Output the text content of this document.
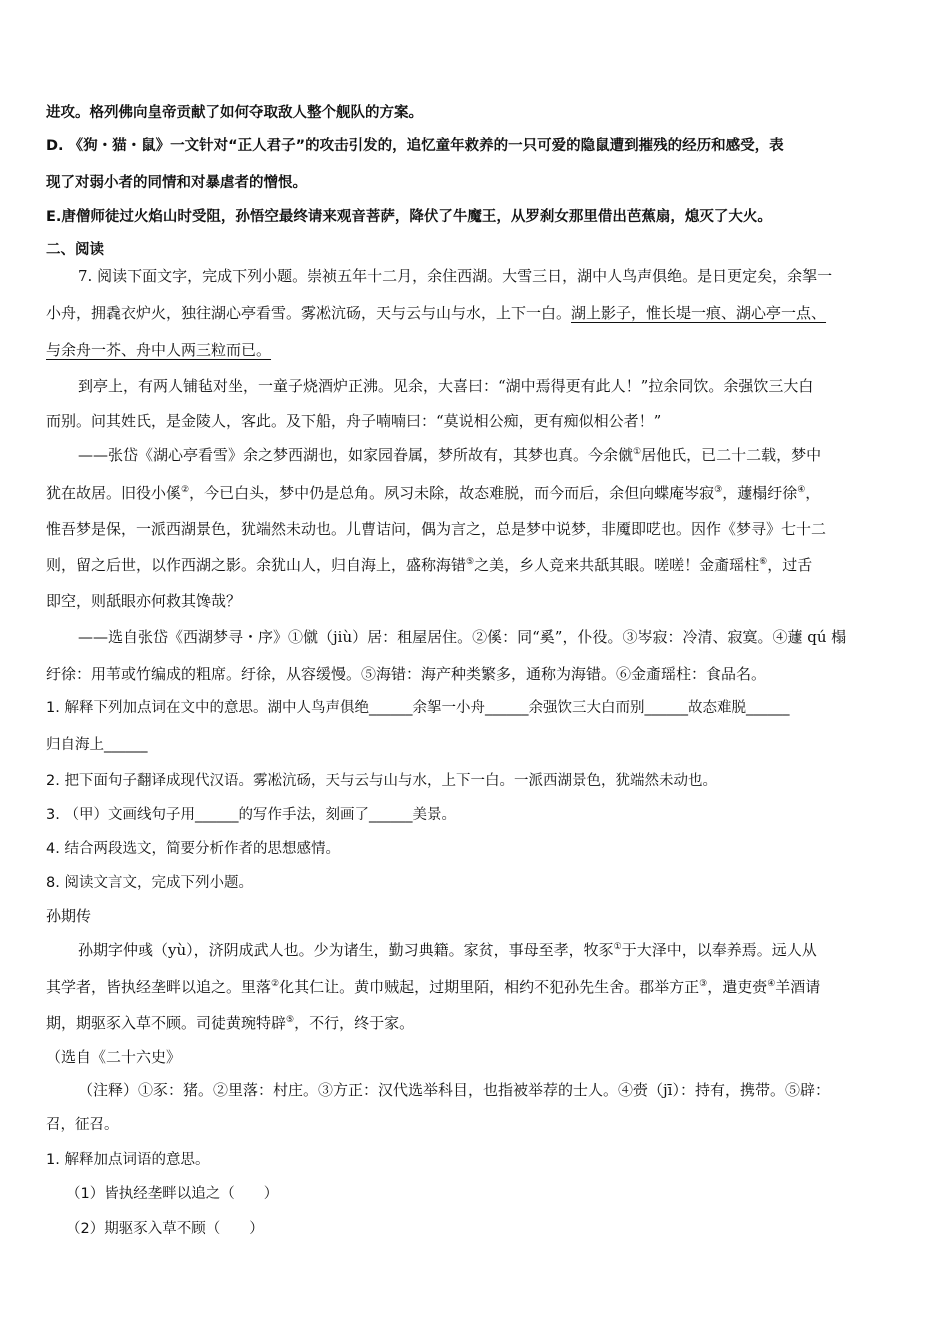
进攻。格列佛向皇帝贡献了如何夺取敌人整个舰队的方案。
D. 《狗・猫・鼠》一文针对“正人君子”的攻击引发的，追忆童年救养的一只可爱的隐鼠遭到摧残的经历和感受，表
现了对弱小者的同情和对暴虐者的憎恨。
E.唐僧师徒过火焰山时受阻，孙悟空最终请来观音菩萨，降伏了牛魔王，从罗刹女那里借出芭蕉扇，熄灭了大火。
二、阅读
7. 阅读下面文字，完成下列小题。崇祯五年十二月，余住西湖。大雪三日，湖中人鸟声俱绝。是日更定矣，余挐一
小舟，拥毳衣炉火，独往湖心亭看雪。雾凇沆砀，天与云与山与水，上下一白。湖上影子，惟长堤一痕、湖心亭一点、
与余舟一芥、舟中人两三粒而已。
到亭上，有两人铺毡对坐，一童子烧酒炉正沸。见余，大喜曰：“湖中焉得更有此人！”拉余同饮。余强饮三大白
而别。问其姓氏，是金陵人，客此。及下船，舟子喃喃曰：“莫说相公痴，更有痴似相公者！”
——张岱《湖心亭看雪》余之梦西湖也，如家园眷属，梦所故有，其梦也真。今余僦①居他氏，已二十二载，梦中
犹在故居。旧役小傒②，今已白头，梦中仍是总角。夙习未除，故态难脱，而今而后，余但向蝶庵岑寂③，蘧榻纡徐④，
惟吾梦是保，一派西湖景色，犹端然未动也。儿曹诘问，偶为言之，总是梦中说梦，非魇即呓也。因作《梦寻》七十二
则，留之后世，以作西湖之影。余犹山人，归自海上，盛称海错⑤之美，乡人竞来共舐其眼。嗟嗟！金齑瑶柱⑥，过舌
即空，则舐眼亦何救其馋哉？
——选自张岱《西湖梦寻・序》①僦（jiù）居：租屋居住。②傒：同“奚”，仆役。③岑寂：冷清、寂寞。④蘧 qú 榻
纡徐：用苇或竹编成的粗席。纡徐，从容缓慢。⑤海错：海产种类繁多，通称为海错。⑥金齑瑶柱：食品名。
1. 解释下列加点词在文中的意思。湖中人鸟声俱绝______余挐一小舟______余强饮三大白而别______故态难脱______
归自海上______
2. 把下面句子翻译成现代汉语。雾凇沆砀，天与云与山与水，上下一白。一派西湖景色，犹端然未动也。
3. （甲）文画线句子用______的写作手法，刻画了______美景。
4. 结合两段选文，简要分析作者的思想感情。
8. 阅读文言文，完成下列小题。
孙期传
孙期字仲彧（yù），济阴成武人也。少为诸生，勤习典籍。家贫，事母至孝，牧豕①于大泽中，以奉养焉。远人从
其学者，皆执经垄畔以追之。里落②化其仁让。黄巾贼起，过期里陌，相约不犯孙先生舍。郡举方正③，遣吏赍④羊酒请
期，期驱豕入草不顾。司徒黄琬特辟⑤，不行，终于家。
（选自《二十六史》
（注释）①豕：猪。②里落：村庄。③方正：汉代选举科目，也指被举荐的士人。④赍（jī）：持有，携带。⑤辟：
召，征召。
1. 解释加点词语的意思。
（1）皆执经垄畔以追之（　　）
（2）期驱豕入草不顾（　　）
